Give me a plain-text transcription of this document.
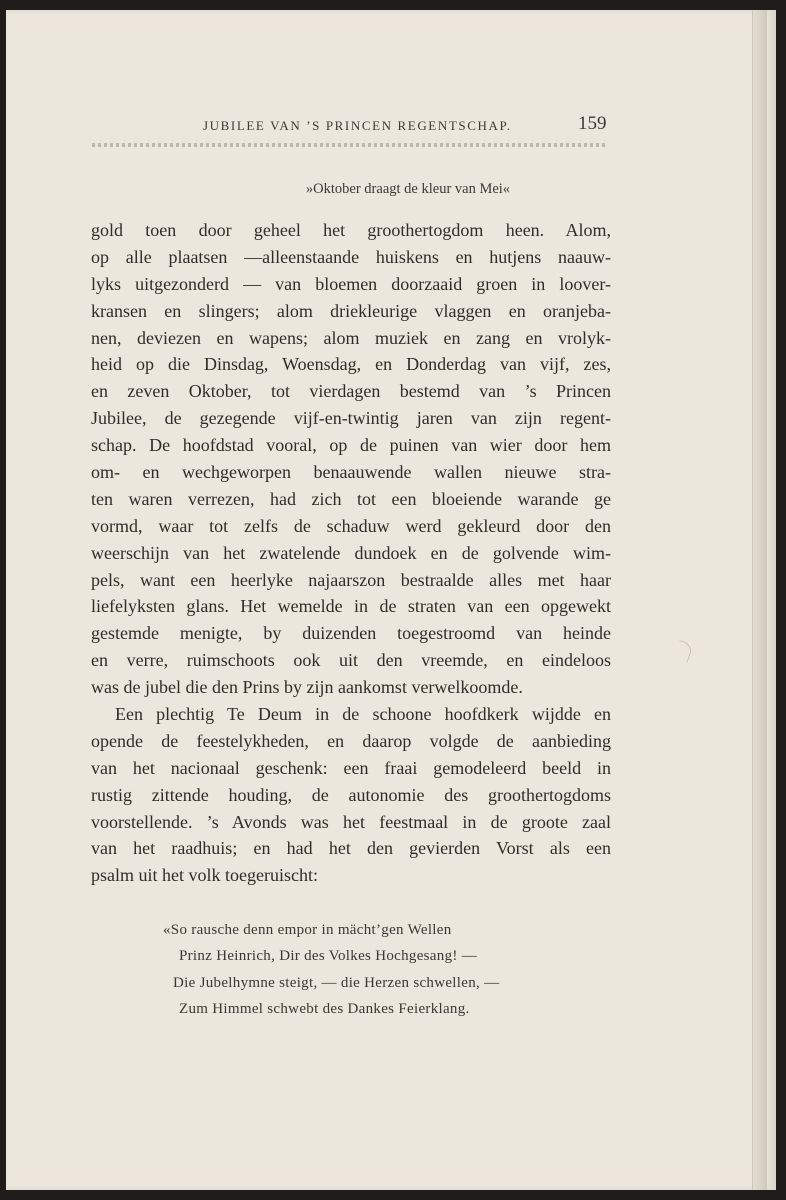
JUBILEE VAN ’S PRINCEN REGENTSCHAP.	159
»Oktober draagt de kleur van Mei«
gold toen door geheel het groothertogdom heen. Alom,
op alle plaatsen —alleenstaande huiskens en hutjens naauw-
lyks uitgezonderd — van bloemen doorzaaid groen in loover-
kransen en slingers; alom driekleurige vlaggen en oranjeba-
nen, deviezen en wapens; alom muziek en zang en vrolyk-
heid op die Dinsdag, Woensdag, en Donderdag van vijf, zes,
en zeven Oktober, tot vierdagen bestemd van ’s Princen
Jubilee, de gezegende vijf-en-twintig jaren van zijn regent-
schap. De hoofdstad vooral, op de puinen van wier door hem
om- en wechgeworpen benaauwende wallen nieuwe stra-
ten waren verrezen, had zich tot een bloeiende warande ge
vormd, waar tot zelfs de schaduw werd gekleurd door den
weerschijn van het zwatelende dundoek en de golvende wim-
pels, want een heerlyke najaarszon bestraalde alles met haar
liefelyksten glans. Het wemelde in de straten van een opgewekt
gestemde menigte, by duizenden toegestroomd van heinde
en verre, ruimschoots ook uit den vreemde, en eindeloos
was de jubel die den Prins by zijn aankomst verwelkoomde.
Een plechtig Te Deum in de schoone hoofdkerk wijdde en
opende de feestelykheden, en daarop volgde de aanbieding
van het nacionaal geschenk: een fraai gemodeleerd beeld in
rustig zittende houding, de autonomie des groothertogdoms
voorstellende. ’s Avonds was het feestmaal in de groote zaal
van het raadhuis; en had het den gevierden Vorst als een
psalm uit het volk toegeruischt:
«So rausche denn empor in mächt’gen Wellen
Prinz Heinrich, Dir des Volkes Hochgesang! —
Die Jubelhymne steigt, — die Herzen schwellen, —
Zum Himmel schwebt des Dankes Feierklang.
